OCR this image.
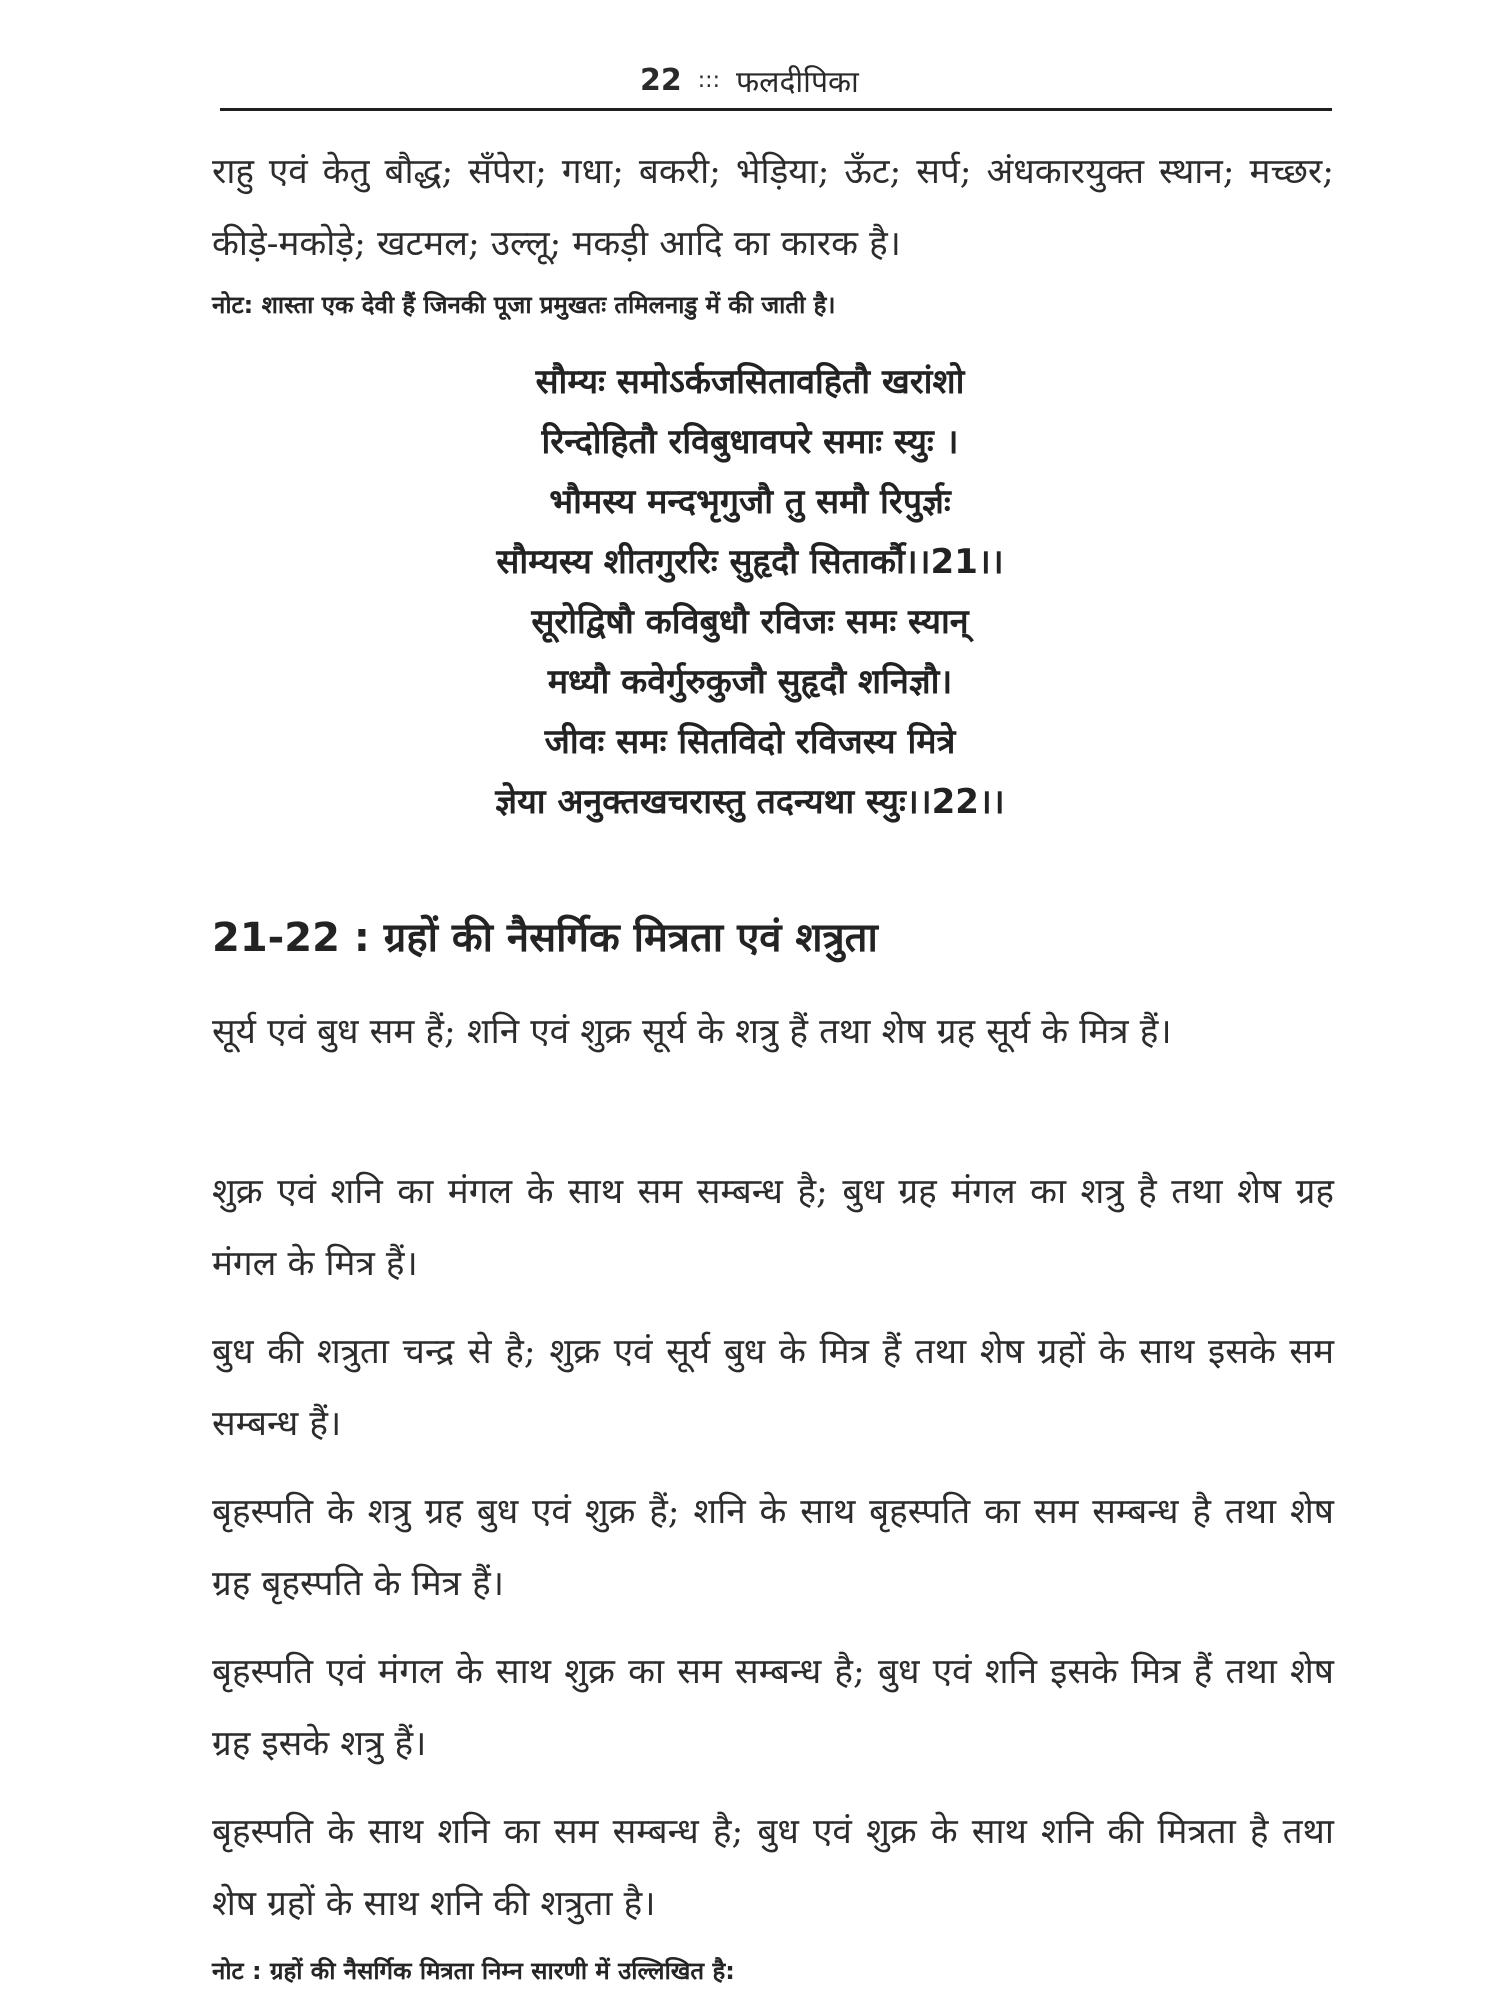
22 ::: फलदीपिका

राहु एवं केतु बौद्ध; सँपेरा; गधा; बकरी; भेड़िया; ऊँट; सर्प; अंधकारयुक्त स्थान; मच्छर; कीड़े-मकोड़े; खटमल; उल्लू; मकड़ी आदि का कारक है।

नोट: शास्ता एक देवी हैं जिनकी पूजा प्रमुखतः तमिलनाडु में की जाती है।

सौम्यः समोऽर्कजसितावहितौ खरांशो
रिन्दोहितौ रविबुधावपरे समाः स्युः ।
भौमस्य मन्दभृगुजौ तु समौ रिपुर्ज्ञः
सौम्यस्य शीतगुररिः सुहृदौ सितार्कौ।।21।।
सूरोद्विषौ कविबुधौ रविजः समः स्यान्
मध्यौ कवेर्गुरुकुजौ सुहृदौ शनिज्ञौ।
जीवः समः सितविदो रविजस्य मित्रे
ज्ञेया अनुक्तखचरास्तु तदन्यथा स्युः।।22।।
21-22 : ग्रहों की नैसर्गिक मित्रता एवं शत्रुता

सूर्य एवं बुध सम हैं; शनि एवं शुक्र सूर्य के शत्रु हैं तथा शेष ग्रह सूर्य के मित्र हैं।

शुक्र एवं शनि का मंगल के साथ सम सम्बन्ध है; बुध ग्रह मंगल का शत्रु है तथा शेष ग्रह मंगल के मित्र हैं।

बुध की शत्रुता चन्द्र से है; शुक्र एवं सूर्य बुध के मित्र हैं तथा शेष ग्रहों के साथ इसके सम सम्बन्ध हैं।

बृहस्पति के शत्रु ग्रह बुध एवं शुक्र हैं; शनि के साथ बृहस्पति का सम सम्बन्ध है तथा शेष ग्रह बृहस्पति के मित्र हैं।

बृहस्पति एवं मंगल के साथ शुक्र का सम सम्बन्ध है; बुध एवं शनि इसके मित्र हैं तथा शेष ग्रह इसके शत्रु हैं।

बृहस्पति के साथ शनि का सम सम्बन्ध है; बुध एवं शुक्र के साथ शनि की मित्रता है तथा शेष ग्रहों के साथ शनि की शत्रुता है।

नोट : ग्रहों की नैसर्गिक मित्रता निम्न सारणी में उल्लिखित है:
